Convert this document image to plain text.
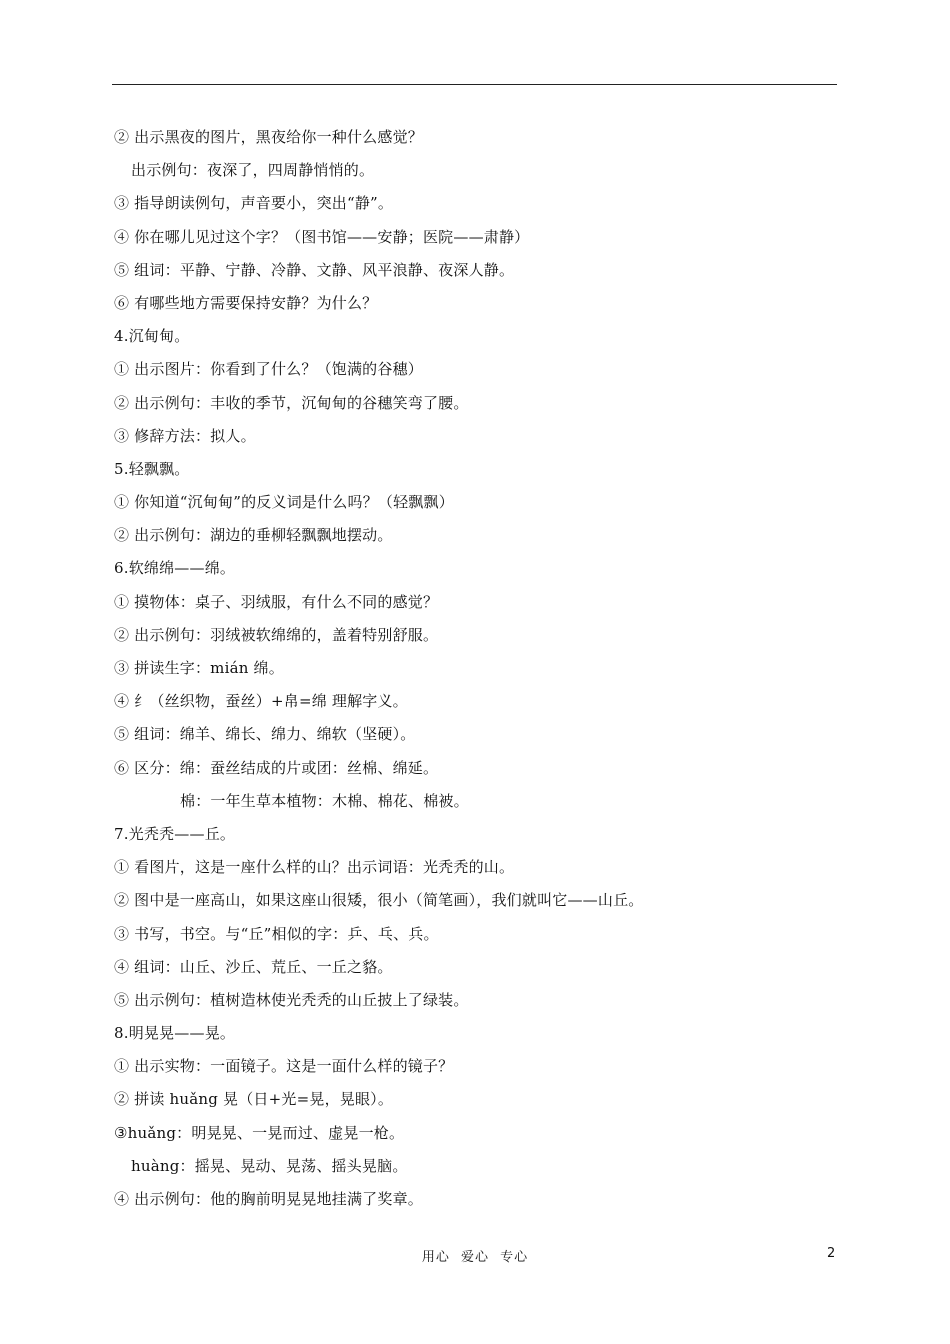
② 出示黑夜的图片，黑夜给你一种什么感觉？
出示例句：夜深了，四周静悄悄的。
③ 指导朗读例句，声音要小，突出“静”。
④ 你在哪儿见过这个字？（图书馆——安静；医院——肃静）
⑤ 组词：平静、宁静、冷静、文静、风平浪静、夜深人静。
⑥ 有哪些地方需要保持安静？为什么？
4.沉甸甸。
① 出示图片：你看到了什么？（饱满的谷穗）
② 出示例句：丰收的季节，沉甸甸的谷穗笑弯了腰。
③ 修辞方法：拟人。
5.轻飘飘。
① 你知道“沉甸甸”的反义词是什么吗？（轻飘飘）
② 出示例句：湖边的垂柳轻飘飘地摆动。
6.软绵绵——绵。
① 摸物体：桌子、羽绒服，有什么不同的感觉？
② 出示例句：羽绒被软绵绵的，盖着特别舒服。
③ 拼读生字：mián 绵。
④ 纟（丝织物，蚕丝）+帛=绵 理解字义。
⑤ 组词：绵羊、绵长、绵力、绵软（坚硬）。
⑥ 区分：绵：蚕丝结成的片或团：丝棉、绵延。
棉：一年生草本植物：木棉、棉花、棉被。
7.光秃秃——丘。
① 看图片，这是一座什么样的山？出示词语：光秃秃的山。
② 图中是一座高山，如果这座山很矮，很小（简笔画），我们就叫它——山丘。
③ 书写，书空。与“丘”相似的字：乒、乓、兵。
④ 组词：山丘、沙丘、荒丘、一丘之貉。
⑤ 出示例句：植树造林使光秃秃的山丘披上了绿装。
8.明晃晃——晃。
① 出示实物：一面镜子。这是一面什么样的镜子？
② 拼读 huǎng 晃（日+光=晃，晃眼）。
③huǎng：明晃晃、一晃而过、虚晃一枪。
huàng：摇晃、晃动、晃荡、摇头晃脑。
④ 出示例句：他的胸前明晃晃地挂满了奖章。
用心 爱心 专心	2
